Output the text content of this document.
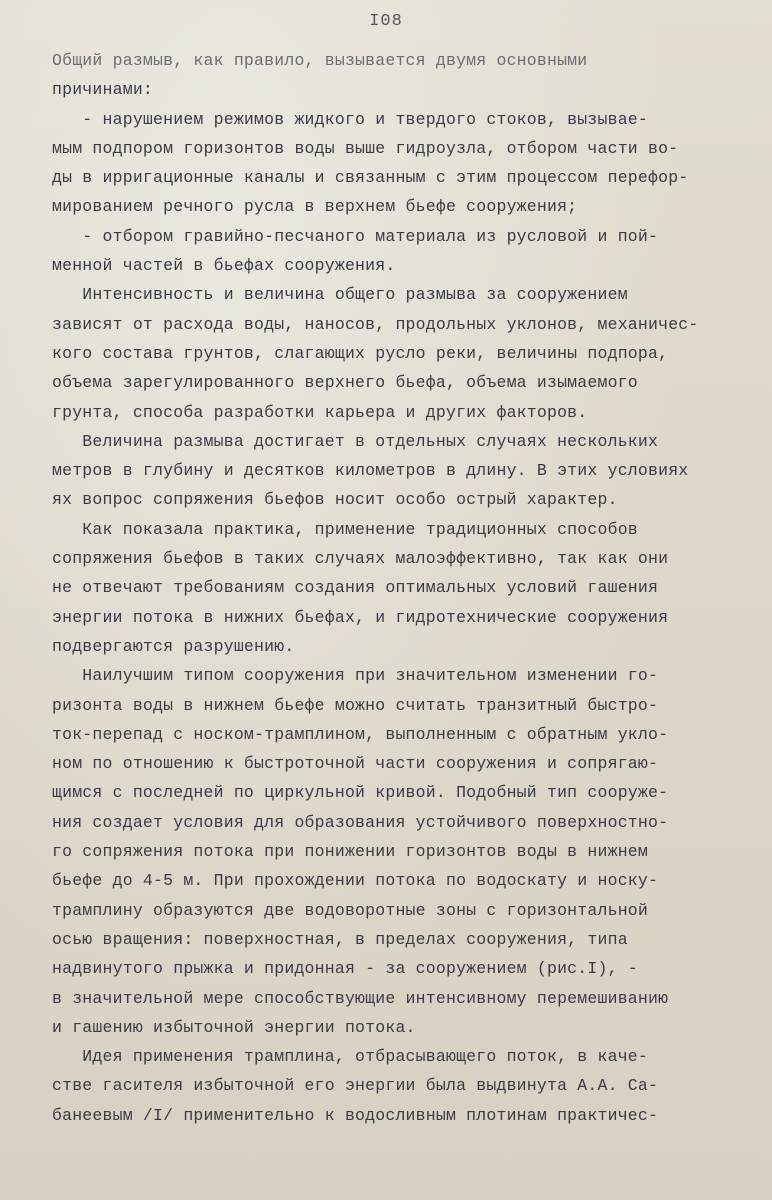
I08
Общий размыв, как правило, вызывается двумя основными
причинами:
- нарушением режимов жидкого и твердого стоков, вызывае-
мым подпором горизонтов воды выше гидроузла, отбором части во-
ды в ирригационные каналы и связанным с этим процессом перефор-
мированием речного русла в верхнем бьефе сооружения;
- отбором гравийно-песчаного материала из русловой и пой-
менной частей в бьефах сооружения.
Интенсивность и величина общего размыва за сооружением
зависят от расхода воды, наносов, продольных уклонов, механичес-
кого состава грунтов, слагающих русло реки, величины подпора,
объема зарегулированного верхнего бьефа, объема изымаемого
грунта, способа разработки карьера и других факторов.
Величина размыва достигает в отдельных случаях нескольких
метров в глубину и десятков километров в длину. В этих условиях
ях вопрос сопряжения бьефов носит особо острый характер.
Как показала практика, применение традиционных способов
сопряжения бьефов в таких случаях малоэффективно, так как они
не отвечают требованиям создания оптимальных условий гашения
энергии потока в нижних бьефах, и гидротехнические сооружения
подвергаются разрушению.
Наилучшим типом сооружения при значительном изменении го-
ризонта воды в нижнем бьефе можно считать транзитный быстро-
ток-перепад с носком-трамплином, выполненным с обратным укло-
ном по отношению к быстроточной части сооружения и сопрягаю-
щимся с последней по циркульной кривой. Подобный тип сооруже-
ния создает условия для образования устойчивого поверхностно-
го сопряжения потока при понижении горизонтов воды в нижнем
бьефе до 4-5 м. При прохождении потока по водоскату и носку-
трамплину образуются две водоворотные зоны с горизонтальной
осью вращения: поверхностная, в пределах сооружения, типа
надвинутого прыжка и придонная - за сооружением (рис.I), -
в значительной мере способствующие интенсивному перемешиванию
и гашению избыточной энергии потока.
Идея применения трамплина, отбрасывающего поток, в каче-
стве гасителя избыточной его энергии была выдвинута А.А. Са-
банеевым /I/ применительно к водосливным плотинам практичес-
